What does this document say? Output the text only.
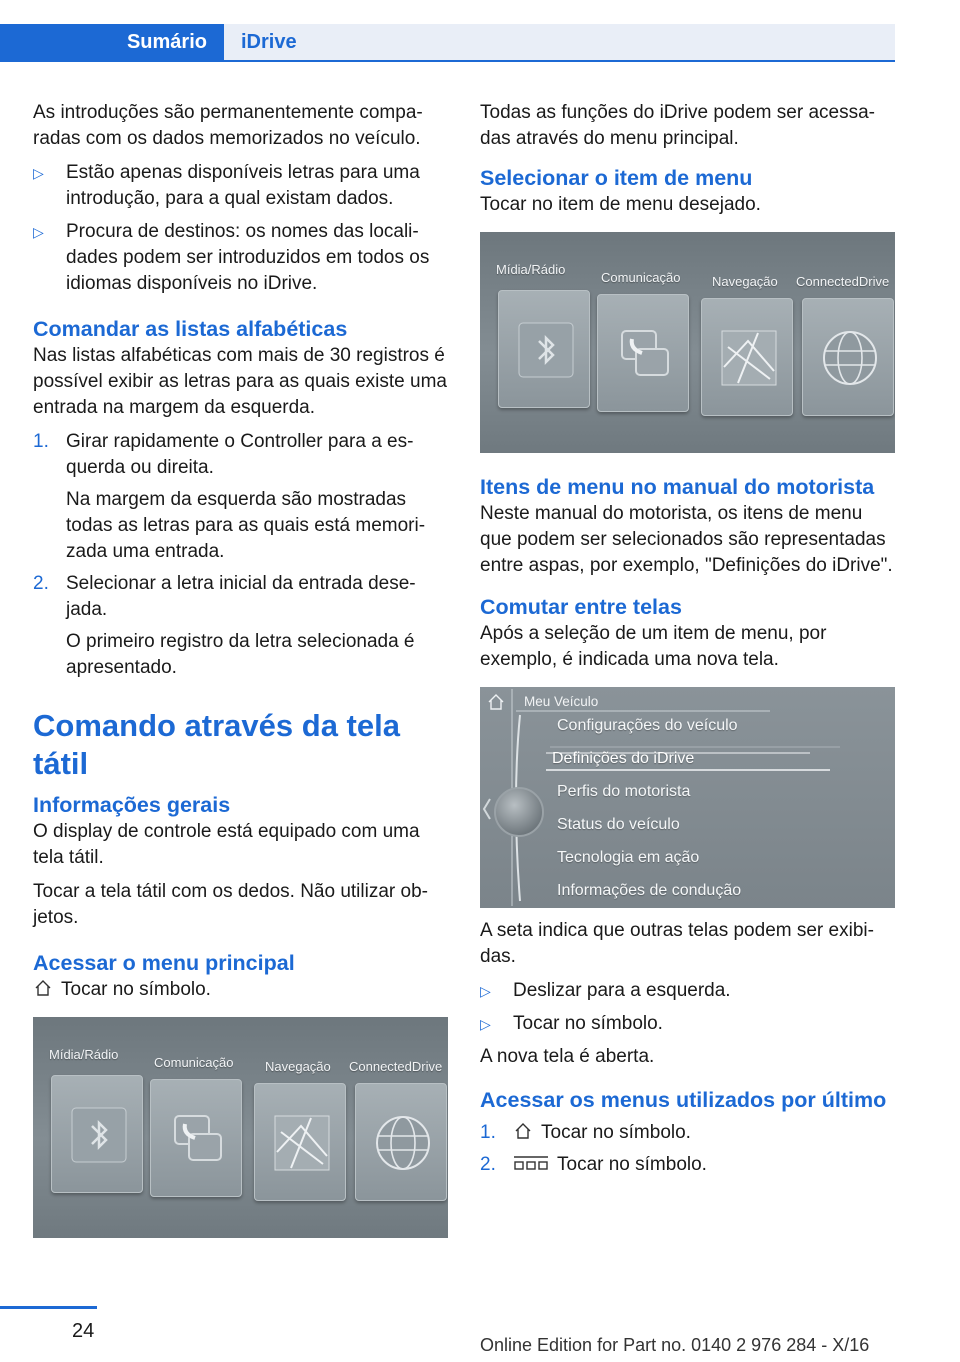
Sumário	iDrive

As introduções são permanentemente comparadas com os dados memorizados no veículo.

▷ Estão apenas disponíveis letras para uma introdução, para a qual existam dados.
▷ Procura de destinos: os nomes das localidades podem ser introduzidos em todos os idiomas disponíveis no iDrive.
Comandar as listas alfabéticas

Nas listas alfabéticas com mais de 30 registros é possível exibir as letras para as quais existe uma entrada na margem da esquerda.

1. Girar rapidamente o Controller para a esquerda ou direita.
Na margem da esquerda são mostradas todas as letras para as quais está memorizada uma entrada.
2. Selecionar a letra inicial da entrada desejada.
O primeiro registro da letra selecionada é apresentado.
Comando através da tela tátil
Informações gerais

O display de controle está equipado com uma tela tátil.

Tocar a tela tátil com os dedos. Não utilizar objetos.

Acessar o menu principal

Tocar no símbolo.

Mídia/Rádio
Comunicação Navegação ConnectedDrive

Todas as funções do iDrive podem ser acessadas através do menu principal.

Selecionar o item de menu

Tocar no item de menu desejado.

Mídia/Rádio
Comunicação Navegação ConnectedDrive
Itens de menu no manual do motorista

Neste manual do motorista, os itens de menu que podem ser selecionados são representadas entre aspas, por exemplo, "Definições do iDrive".

Comutar entre telas

Após a seleção de um item de menu, por exemplo, é indicada uma nova tela.

Meu Veículo
Configurações do veículo
Definições do iDrive
Perfis do motorista
Status do veículo
Tecnologia em ação
Informações de condução

A seta indica que outras telas podem ser exibidas.

▷ Deslizar para a esquerda.
▷ Tocar no símbolo.

A nova tela é aberta.

Acessar os menus utilizados por último
1. Tocar no símbolo.
2.	Tocar no símbolo.
24
Online Edition for Part no. 0140 2 976 284 - X/16
